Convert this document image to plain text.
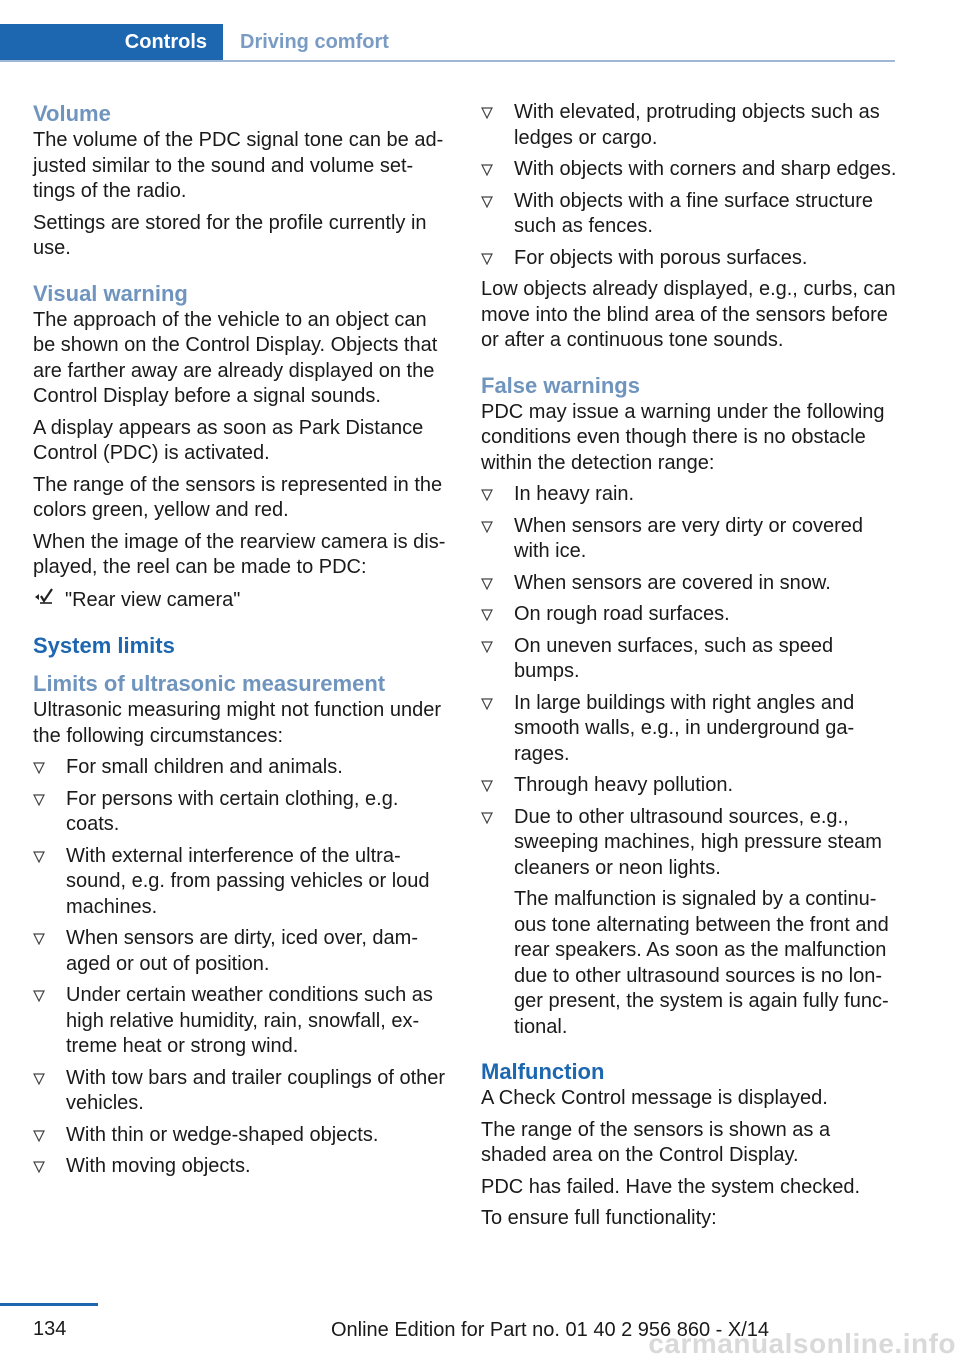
Controls	Driving comfort
Volume

The volume of the PDC signal tone can be ad‐ justed similar to the sound and volume set‐ tings of the radio.

Settings are stored for the profile currently in use.

Visual warning

The approach of the vehicle to an object can be shown on the Control Display. Objects that are farther away are already displayed on the Control Display before a signal sounds.

A display appears as soon as Park Distance Control (PDC) is activated.

The range of the sensors is represented in the colors green, yellow and red.

When the image of the rearview camera is dis‐ played, the reel can be made to PDC:

"Rear view camera"
System limits
Limits of ultrasonic measurement

Ultrasonic measuring might not function under the following circumstances:

For small children and animals.
For persons with certain clothing, e.g. coats.
With external interference of the ultra‐ sound, e.g. from passing vehicles or loud machines.
When sensors are dirty, iced over, dam‐ aged or out of position.
Under certain weather conditions such as high relative humidity, rain, snowfall, ex‐ treme heat or strong wind.
With tow bars and trailer couplings of other vehicles.
With thin or wedge-shaped objects.
With moving objects.
With elevated, protruding objects such as ledges or cargo.
With objects with corners and sharp edges.
With objects with a fine surface structure such as fences.
For objects with porous surfaces.

Low objects already displayed, e.g., curbs, can move into the blind area of the sensors before or after a continuous tone sounds.

False warnings

PDC may issue a warning under the following conditions even though there is no obstacle within the detection range:

In heavy rain.
When sensors are very dirty or covered with ice.
When sensors are covered in snow.
On rough road surfaces.
On uneven surfaces, such as speed bumps.
In large buildings with right angles and smooth walls, e.g., in underground ga‐ rages.
Through heavy pollution.
Due to other ultrasound sources, e.g., sweeping machines, high pressure steam cleaners or neon lights.
The malfunction is signaled by a continu‐ ous tone alternating between the front and rear speakers. As soon as the malfunction due to other ultrasound sources is no lon‐ ger present, the system is again fully func‐ tional.
Malfunction

A Check Control message is displayed.

The range of the sensors is shown as a shaded area on the Control Display.

PDC has failed. Have the system checked.

To ensure full functionality:

134	Online Edition for Part no. 01 40 2 956 860 - X/14
carmanualsonline.info
